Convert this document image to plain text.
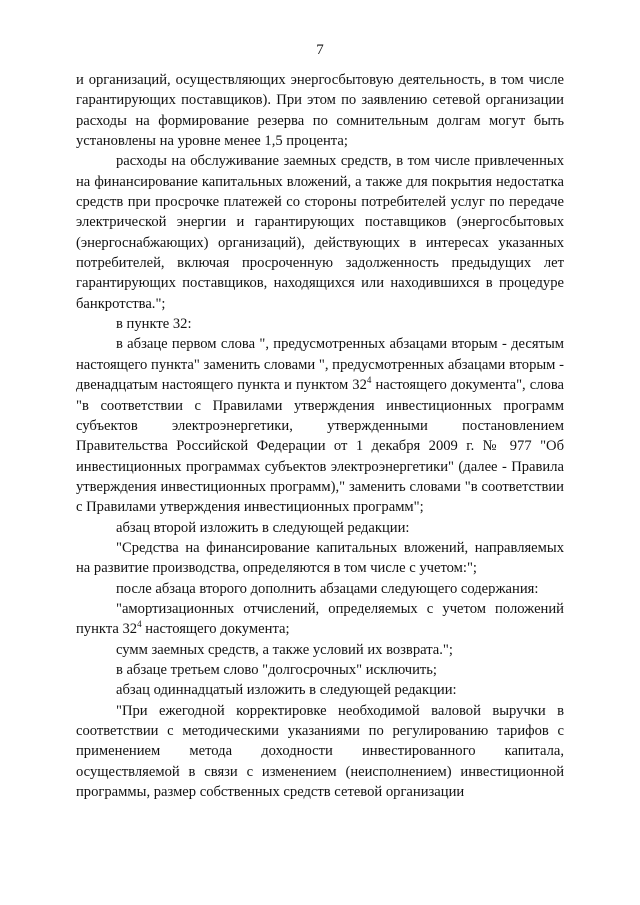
7

и организаций, осуществляющих энергосбытовую деятельность, в том числе гарантирующих поставщиков). При этом по заявлению сетевой организации расходы на формирование резерва по сомнительным долгам могут быть установлены на уровне менее 1,5 процента;

расходы на обслуживание заемных средств, в том числе привлеченных на финансирование капитальных вложений, а также для покрытия недостатка средств при просрочке платежей со стороны потребителей услуг по передаче электрической энергии и гарантирующих поставщиков (энергосбытовых (энергоснабжающих) организаций), действующих в интересах указанных потребителей, включая просроченную задолженность предыдущих лет гарантирующих поставщиков, находящихся или находившихся в процедуре банкротства.";

в пункте 32:

в абзаце первом слова ", предусмотренных абзацами вторым - десятым настоящего пункта" заменить словами ", предусмотренных абзацами вторым - двенадцатым настоящего пункта и пунктом $32^4$ настоящего документа", слова "в соответствии с Правилами утверждения инвестиционных программ субъектов электроэнергетики, утвержденными постановлением Правительства Российской Федерации от 1 декабря 2009 г. № 977 "Об инвестиционных программах субъектов электроэнергетики" (далее - Правила утверждения инвестиционных программ)," заменить словами "в соответствии с Правилами утверждения инвестиционных программ";

абзац второй изложить в следующей редакции:

"Средства на финансирование капитальных вложений, направляемых на развитие производства, определяются в том числе с учетом:";

после абзаца второго дополнить абзацами следующего содержания:

"амортизационных отчислений, определяемых с учетом положений пункта $32^4$ настоящего документа;

сумм заемных средств, а также условий их возврата.";

в абзаце третьем слово "долгосрочных" исключить;

абзац одиннадцатый изложить в следующей редакции:

"При ежегодной корректировке необходимой валовой выручки в соответствии с методическими указаниями по регулированию тарифов с применением метода доходности инвестированного капитала, осуществляемой в связи с изменением (неисполнением) инвестиционной программы, размер собственных средств сетевой организации
